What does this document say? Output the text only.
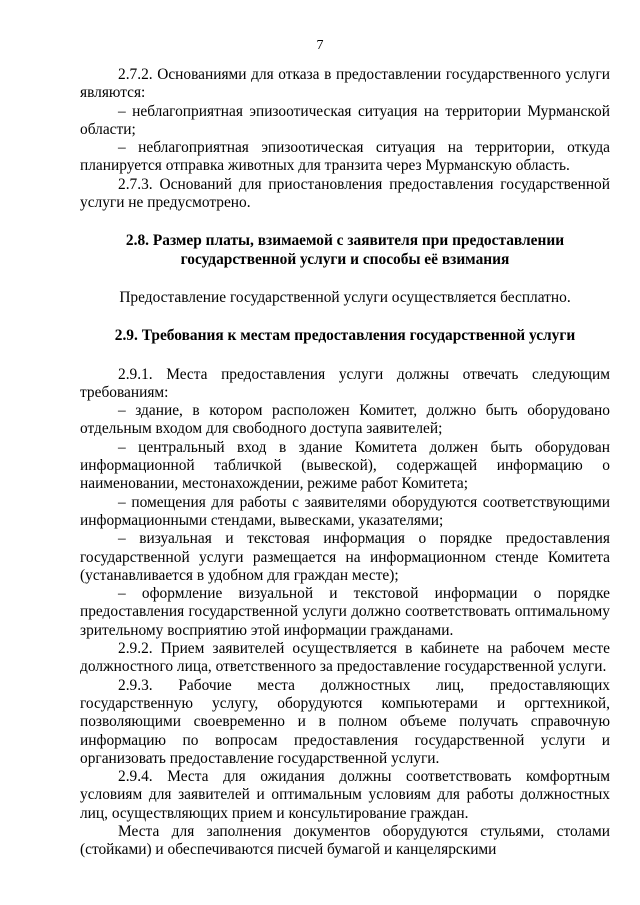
7

2.7.2. Основаниями для отказа в предоставлении государственного услуги являются:

– неблагоприятная эпизоотическая ситуация на территории Мурманской области;

– неблагоприятная эпизоотическая ситуация на территории, откуда планируется отправка животных для транзита через Мурманскую область.

2.7.3. Оснований для приостановления предоставления государственной услуги не предусмотрено.

2.8. Размер платы, взимаемой с заявителя при предоставлении

государственной услуги и способы её взимания

Предоставление государственной услуги осуществляется бесплатно.

2.9. Требования к местам предоставления государственной услуги

2.9.1. Места предоставления услуги должны отвечать следующим требованиям:

– здание, в котором расположен Комитет, должно быть оборудовано отдельным входом для свободного доступа заявителей;

– центральный вход в здание Комитета должен быть оборудован информационной табличкой (вывеской), содержащей информацию о наименовании, местонахождении, режиме работ Комитета;

– помещения для работы с заявителями оборудуются соответствующими информационными стендами, вывесками, указателями;

– визуальная и текстовая информация о порядке предоставления государственной услуги размещается на информационном стенде Комитета (устанавливается в удобном для граждан месте);

– оформление визуальной и текстовой информации о порядке предоставления государственной услуги должно соответствовать оптимальному зрительному восприятию этой информации гражданами.

2.9.2. Прием заявителей осуществляется в кабинете на рабочем месте должностного лица, ответственного за предоставление государственной услуги.

2.9.3. Рабочие места должностных лиц, предоставляющих государственную услугу, оборудуются компьютерами и оргтехникой, позволяющими своевременно и в полном объеме получать справочную информацию по вопросам предоставления государственной услуги и организовать предоставление государственной услуги.

2.9.4. Места для ожидания должны соответствовать комфортным условиям для заявителей и оптимальным условиям для работы должностных лиц, осуществляющих прием и консультирование граждан.

Места для заполнения документов оборудуются стульями, столами (стойками) и обеспечиваются писчей бумагой и канцелярскими
